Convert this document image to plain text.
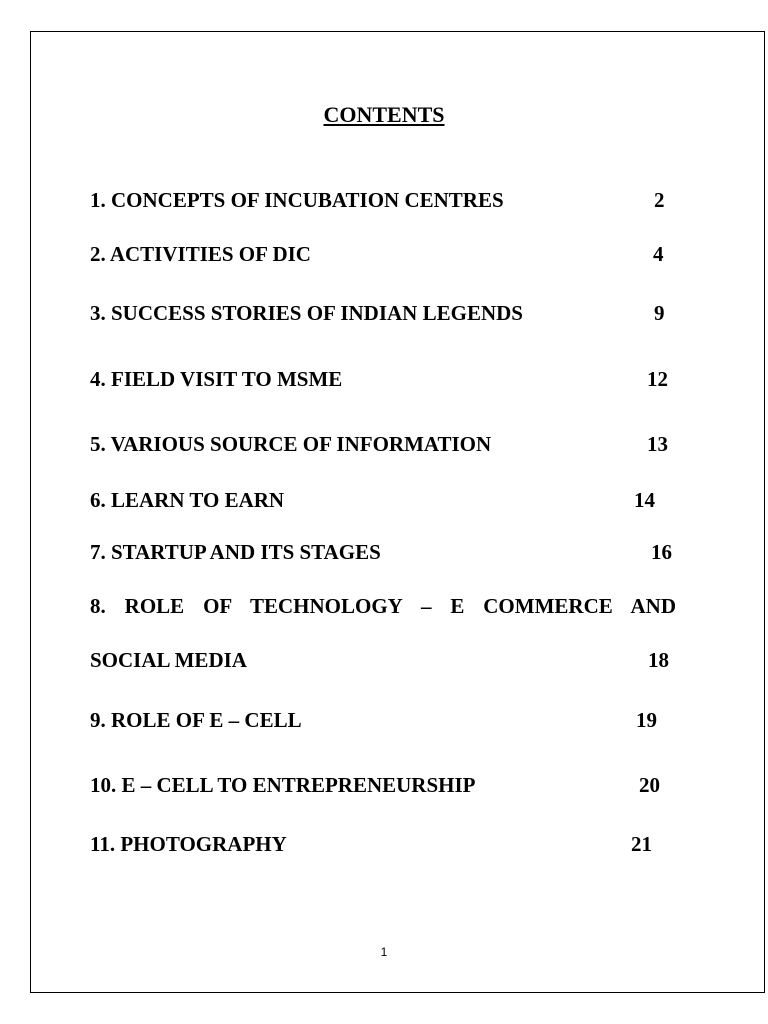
CONTENTS
1. CONCEPTS OF INCUBATION CENTRES	2
2. ACTIVITIES OF DIC	4
3. SUCCESS STORIES OF INDIAN LEGENDS	9
4. FIELD VISIT TO MSME	12
5. VARIOUS SOURCE OF INFORMATION	13
6. LEARN TO EARN	14
7. STARTUP AND ITS STAGES	16
8. ROLE OF TECHNOLOGY – E COMMERCE AND
SOCIAL MEDIA	18
9. ROLE OF E – CELL	19
10. E – CELL TO ENTREPRENEURSHIP	20
11. PHOTOGRAPHY	21
1
